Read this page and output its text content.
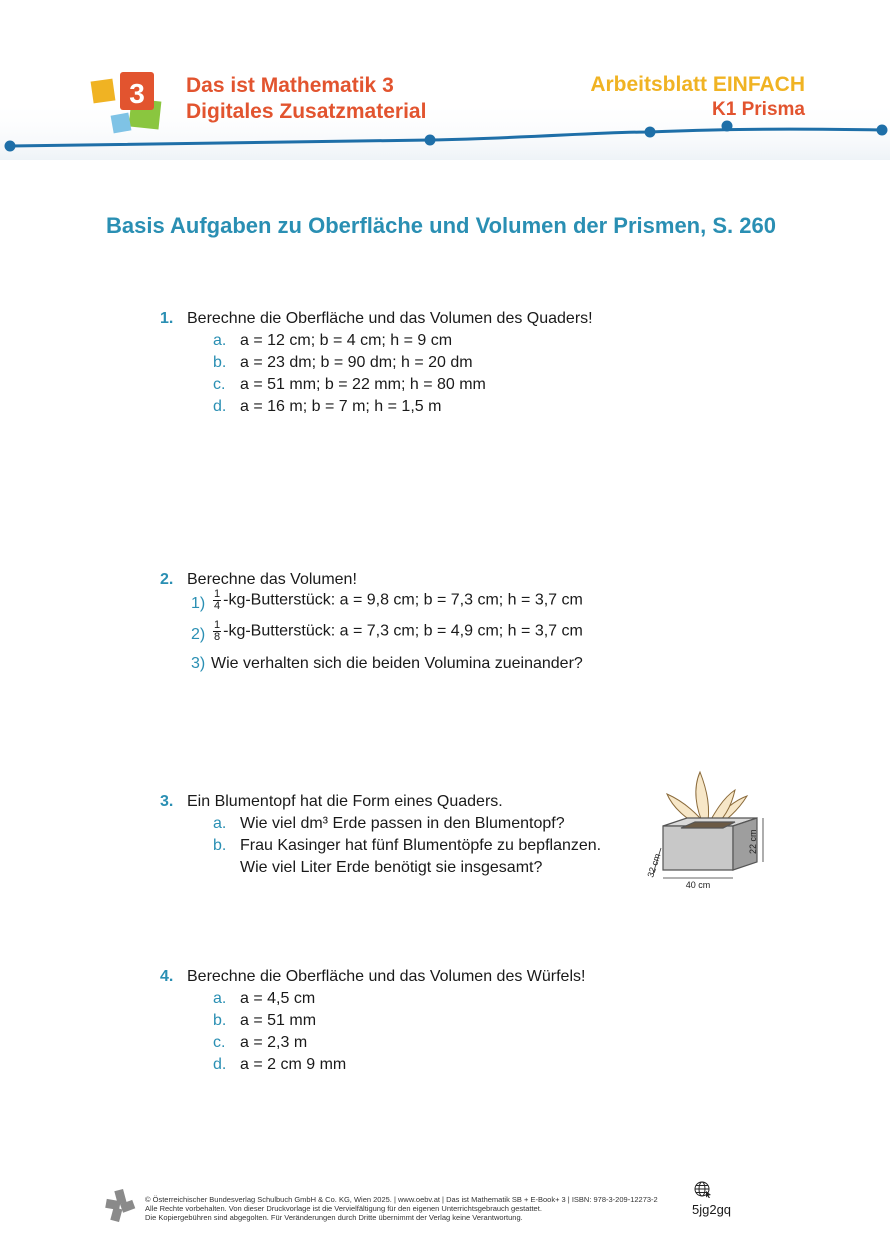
3 Das ist Mathematik 3
Digitales Zusatzmaterial
Arbeitsblatt EINFACH
K1 Prisma
Basis Aufgaben zu Oberfläche und Volumen der Prismen, S. 260
1. Berechne die Oberfläche und das Volumen des Quaders!
a. a = 12 cm; b = 4 cm; h = 9 cm
b. a = 23 dm; b = 90 dm; h = 20 dm
c. a = 51 mm; b = 22 mm; h = 80 mm
d. a = 16 m; b = 7 m; h = 1,5 m
2. Berechne das Volumen!
$1) \frac{1}{4}$ -kg-Butterstück: a = 9,8 cm; b = 7,3 cm; h = 3,7 cm
$2) \frac{1}{8}$ -kg-Butterstück: a = 7,3 cm; b = 4,9 cm; h = 3,7 cm
3) Wie verhalten sich die beiden Volumina zueinander?
3. Ein Blumentopf hat die Form eines Quaders.
a. Wie viel dm³ Erde passen in den Blumentopf?
b. Frau Kasinger hat fünf Blumentöpfe zu bepflanzen.
Wie viel Liter Erde benötigt sie insgesamt?
40 cm
22 cm
32 cm
4. Berechne die Oberfläche und das Volumen des Würfels!
a. a = 4,5 cm
b. a = 51 mm
c. a = 2,3 m
d. a = 2 cm 9 mm
© Österreichischer Bundesverlag Schulbuch GmbH & Co. KG, Wien 2025. | www.oebv.at | Das ist Mathematik SB + E-Book+ 3 | ISBN: 978-3-209-12273-2
Alle Rechte vorbehalten. Von dieser Druckvorlage ist die Vervielfältigung für den eigenen Unterrichtsgebrauch gestattet.
Die Kopiergebühren sind abgegolten. Für Veränderungen durch Dritte übernimmt der Verlag keine Verantwortung.
5jg2gq
